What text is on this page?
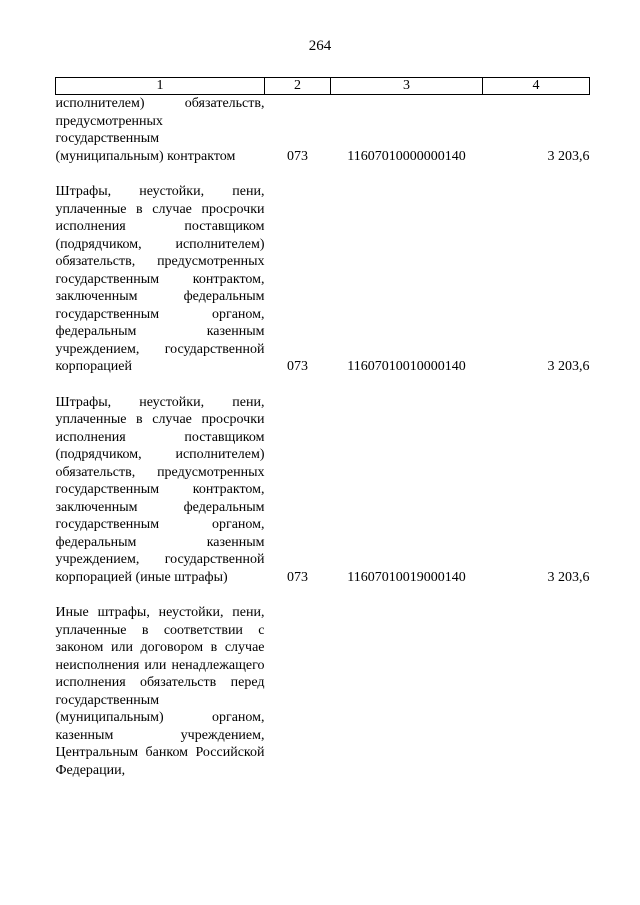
264
1	2	3	4
исполнителем) обязательств, предусмотренных государственным (муниципальным) контрактом	073	11607010000000140	3 203,6

Штрафы, неустойки, пени, уплаченные в случае просрочки исполнения поставщиком (подрядчиком, исполнителем) обязательств, предусмотренных государственным контрактом, заключенным федеральным государственным органом, федеральным казенным учреждением, государственной корпорацией	073	11607010010000140	3 203,6

Штрафы, неустойки, пени, уплаченные в случае просрочки исполнения поставщиком (подрядчиком, исполнителем) обязательств, предусмотренных государственным контрактом, заключенным федеральным государственным органом, федеральным казенным учреждением, государственной корпорацией (иные штрафы)	073	11607010019000140	3 203,6

Иные штрафы, неустойки, пени, уплаченные в соответствии с законом или договором в случае неисполнения или ненадлежащего исполнения обязательств перед государственным (муниципальным) органом, казенным учреждением, Центральным банком Российской Федерации,			
